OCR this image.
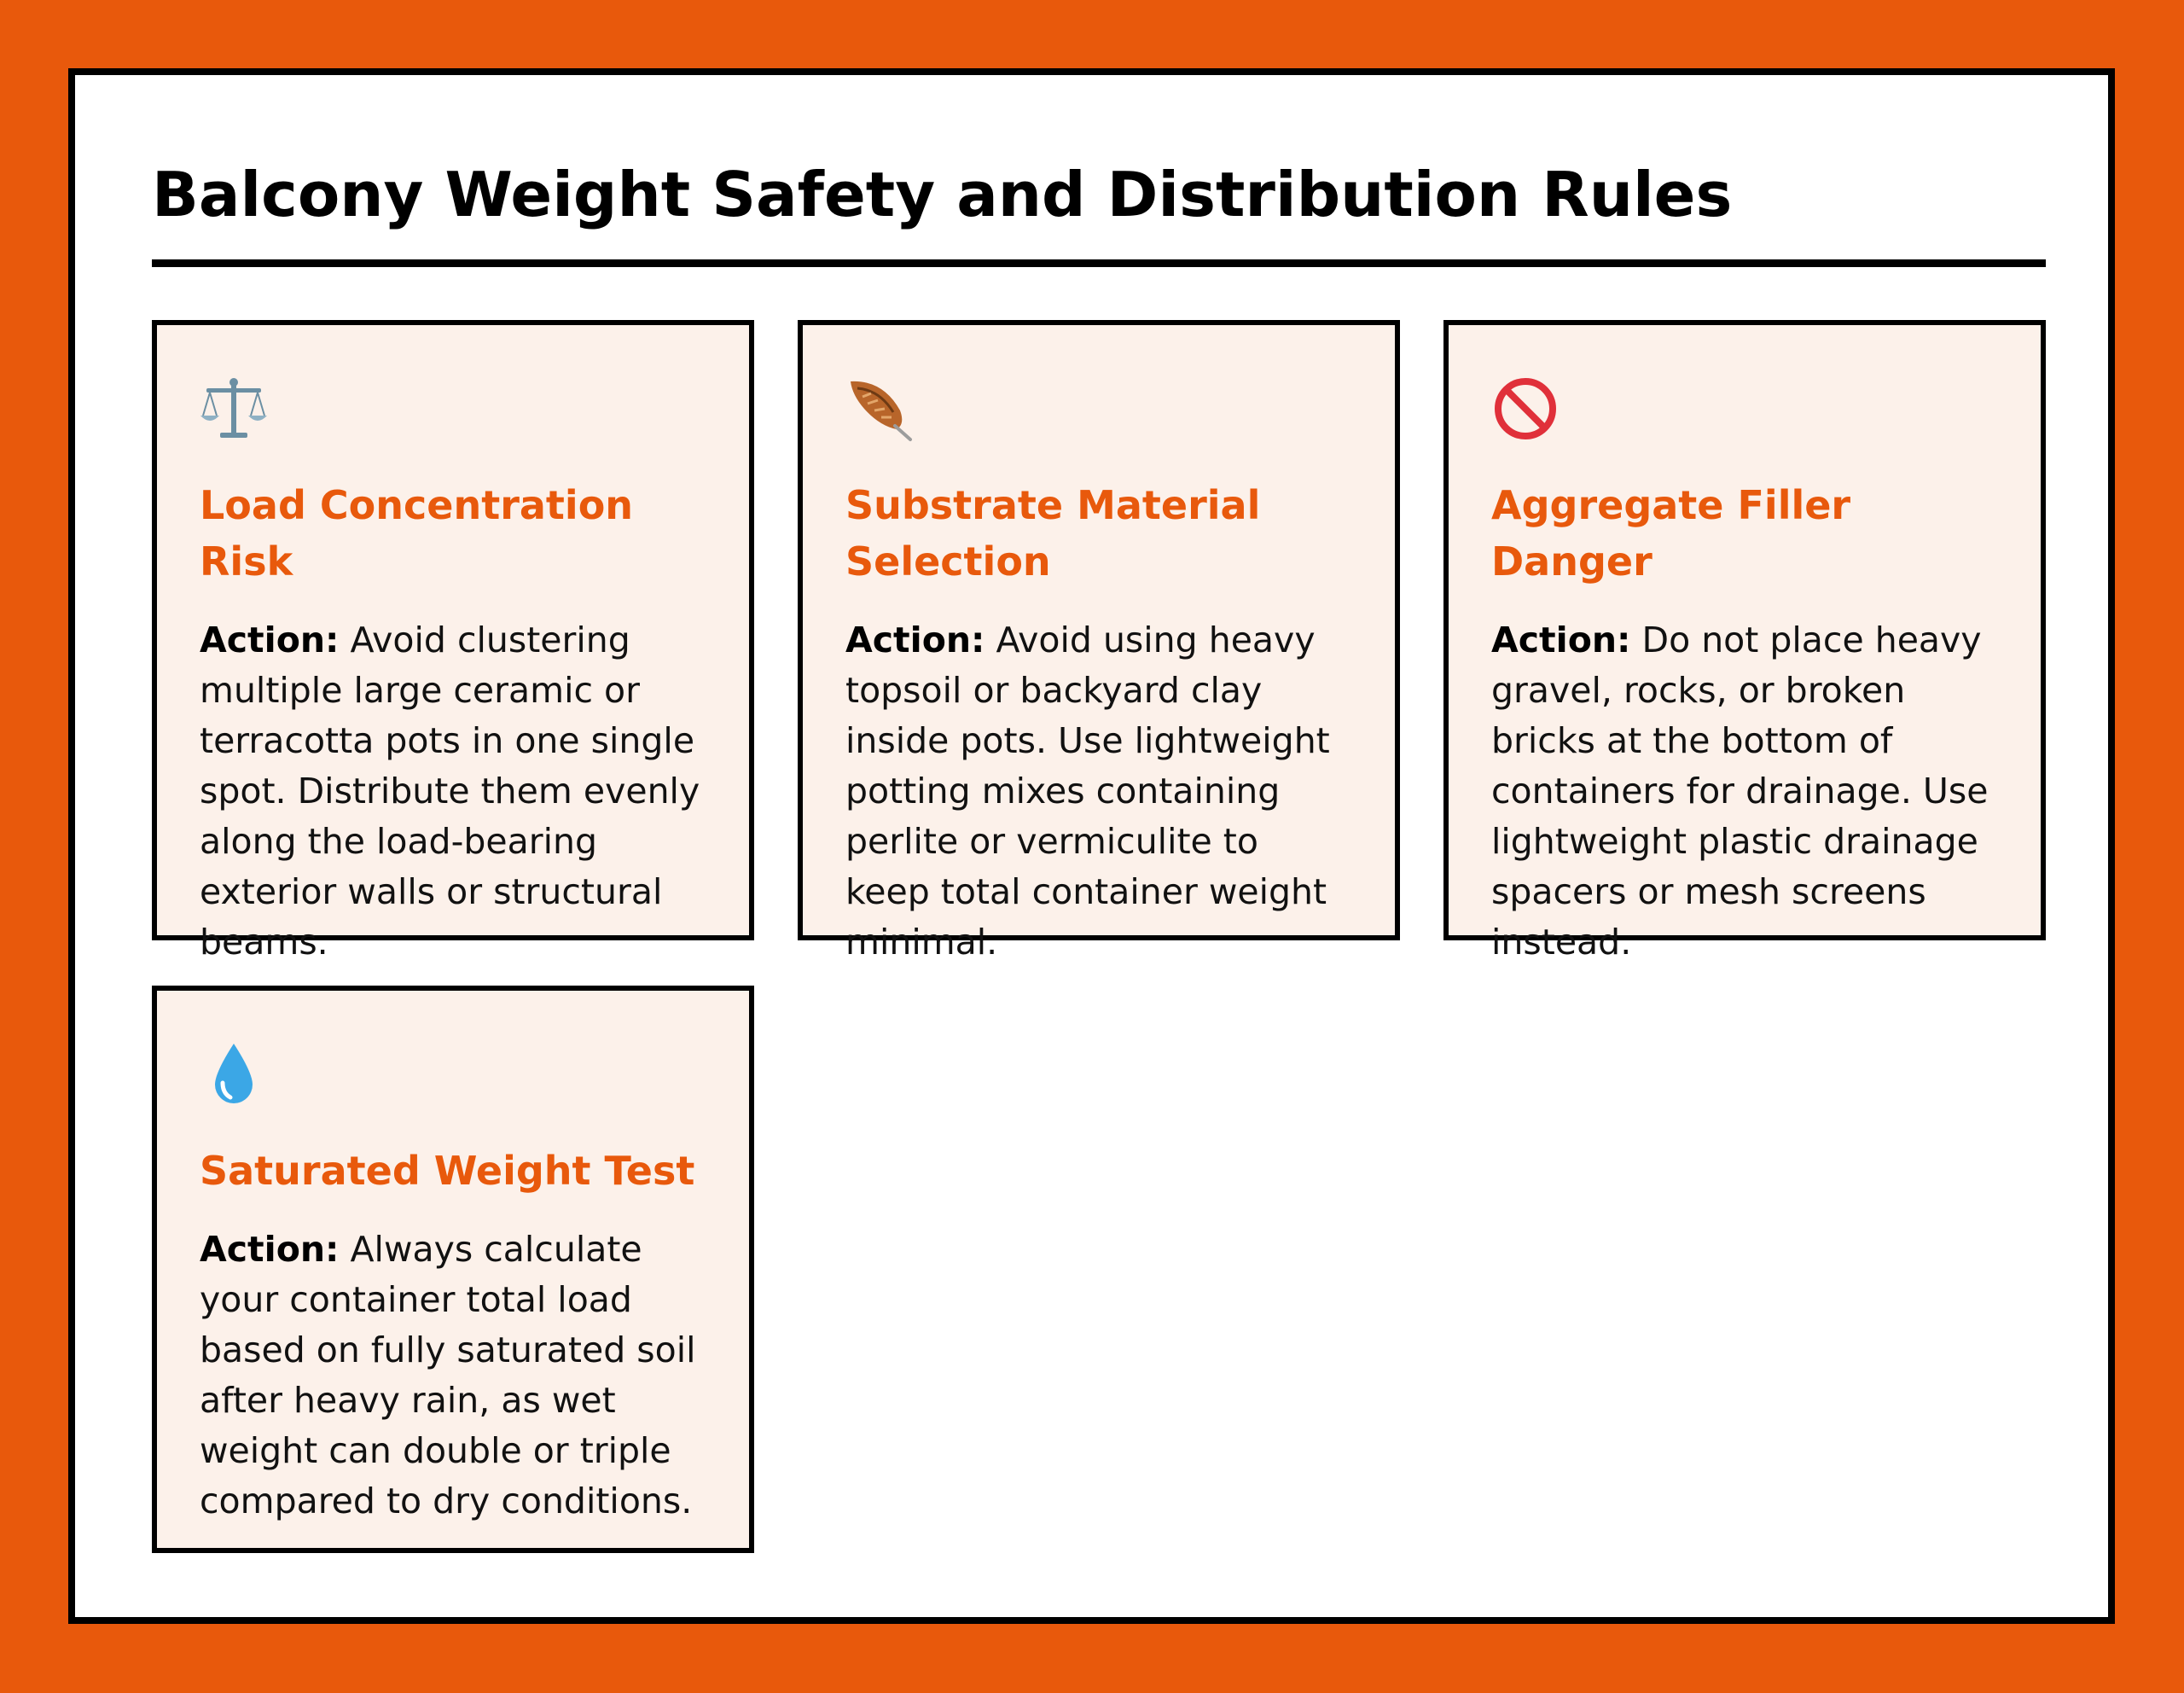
Balcony Weight Safety and Distribution Rules
Load Concentration Risk

Action: Avoid clustering multiple large ceramic or terracotta pots in one single spot. Distribute them evenly along the load-bearing exterior walls or structural beams.

Substrate Material Selection

Action: Avoid using heavy topsoil or backyard clay inside pots. Use lightweight potting mixes containing perlite or vermiculite to keep total container weight minimal.

Aggregate Filler Danger

Action: Do not place heavy gravel, rocks, or broken bricks at the bottom of containers for drainage. Use lightweight plastic drainage spacers or mesh screens instead.

Saturated Weight Test

Action: Always calculate your container total load based on fully saturated soil after heavy rain, as wet weight can double or triple compared to dry conditions.
